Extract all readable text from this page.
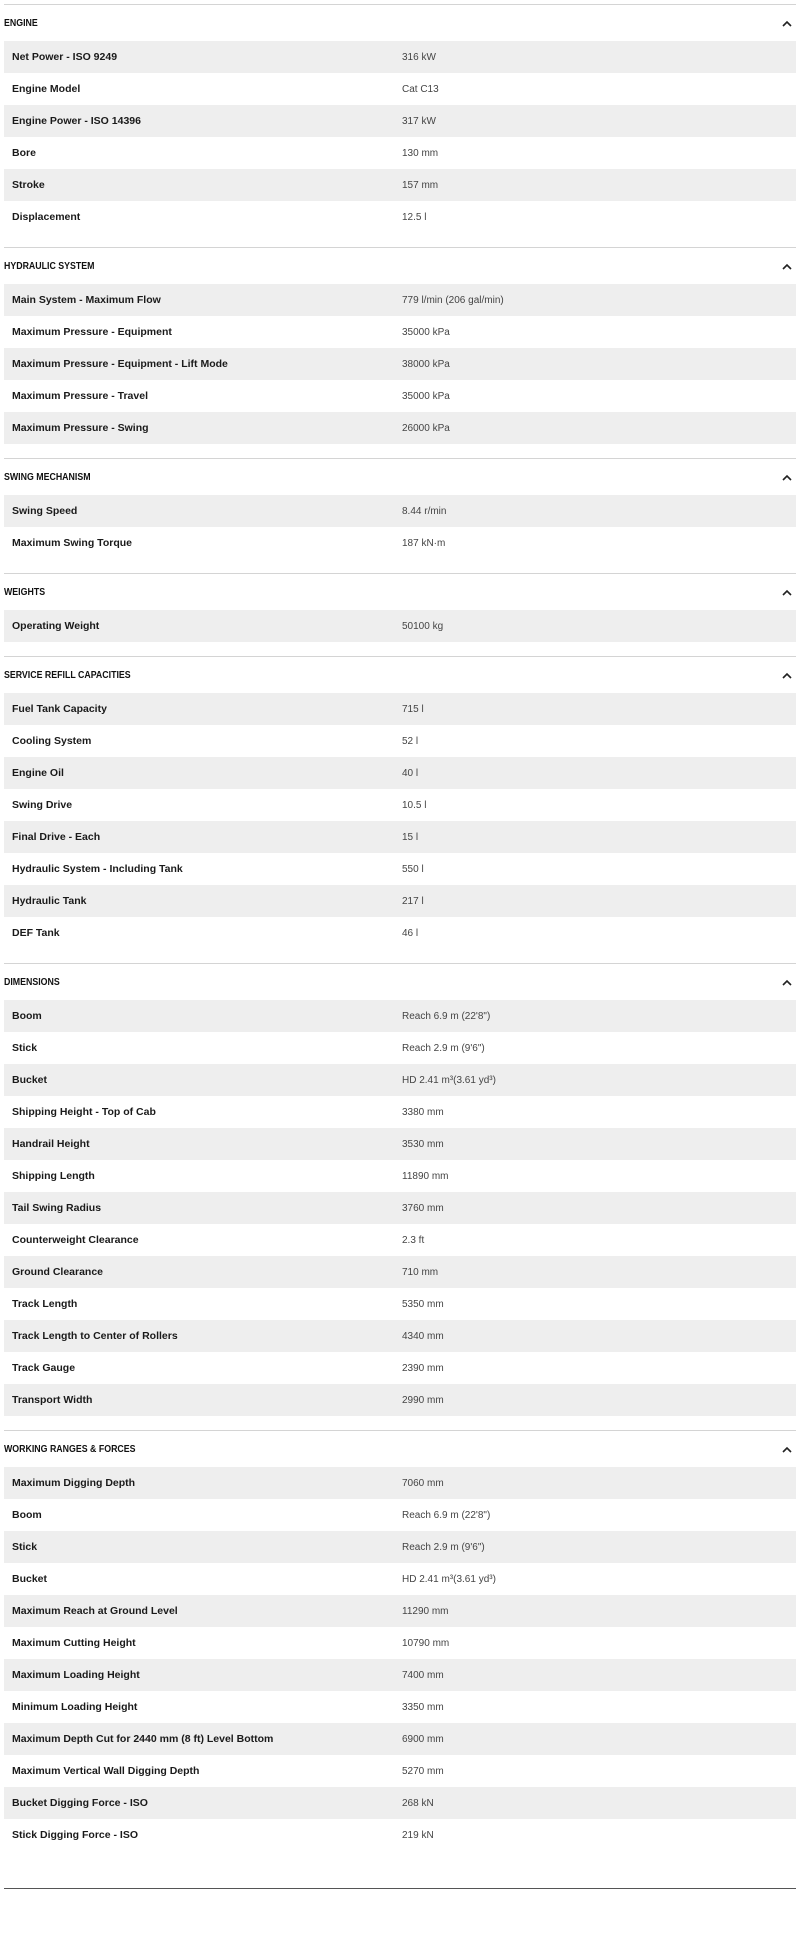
ENGINE
Net Power - ISO 9249	316 kW
Engine Model	Cat C13
Engine Power - ISO 14396	317 kW
Bore	130 mm
Stroke	157 mm
Displacement	12.5 l
HYDRAULIC SYSTEM
Main System - Maximum Flow	779 l/min (206 gal/min)
Maximum Pressure - Equipment	35000 kPa
Maximum Pressure - Equipment - Lift Mode	38000 kPa
Maximum Pressure - Travel	35000 kPa
Maximum Pressure - Swing	26000 kPa
SWING MECHANISM
Swing Speed	8.44 r/min
Maximum Swing Torque	187 kN·m
WEIGHTS
Operating Weight	50100 kg
SERVICE REFILL CAPACITIES
Fuel Tank Capacity	715 l
Cooling System	52 l
Engine Oil	40 l
Swing Drive	10.5 l
Final Drive - Each	15 l
Hydraulic System - Including Tank	550 l
Hydraulic Tank	217 l
DEF Tank	46 l
DIMENSIONS
Boom	Reach 6.9 m (22'8")
Stick	Reach 2.9 m (9'6")
Bucket	HD 2.41 m³(3.61 yd³)
Shipping Height - Top of Cab	3380 mm
Handrail Height	3530 mm
Shipping Length	11890 mm
Tail Swing Radius	3760 mm
Counterweight Clearance	2.3 ft
Ground Clearance	710 mm
Track Length	5350 mm
Track Length to Center of Rollers	4340 mm
Track Gauge	2390 mm
Transport Width	2990 mm
WORKING RANGES & FORCES
Maximum Digging Depth	7060 mm
Boom	Reach 6.9 m (22'8")
Stick	Reach 2.9 m (9'6")
Bucket	HD 2.41 m³(3.61 yd³)
Maximum Reach at Ground Level	11290 mm
Maximum Cutting Height	10790 mm
Maximum Loading Height	7400 mm
Minimum Loading Height	3350 mm
Maximum Depth Cut for 2440 mm (8 ft) Level Bottom	6900 mm
Maximum Vertical Wall Digging Depth	5270 mm
Bucket Digging Force - ISO	268 kN
Stick Digging Force - ISO	219 kN
